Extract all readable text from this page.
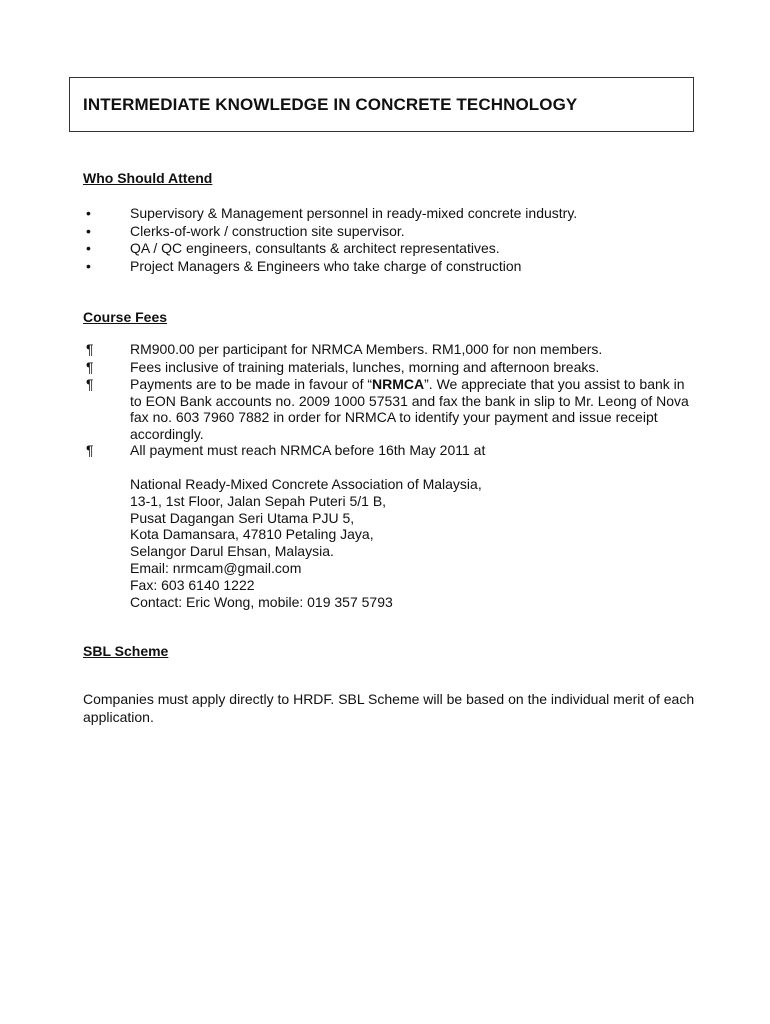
INTERMEDIATE KNOWLEDGE IN CONCRETE TECHNOLOGY
Who Should Attend
•	Supervisory & Management personnel in ready-mixed concrete industry.
•	Clerks-of-work / construction site supervisor.
•	QA / QC engineers, consultants & architect representatives.
•	Project Managers & Engineers who take charge of construction
Course Fees
¶	RM900.00 per participant for NRMCA Members. RM1,000 for non members.
¶	Fees inclusive of training materials, lunches, morning and afternoon breaks.
¶	Payments are to be made in favour of “NRMCA”. We appreciate that you assist to bank in to EON Bank accounts no. 2009 1000 57531 and fax the bank in slip to Mr. Leong of Nova fax no. 603 7960 7882 in order for NRMCA to identify your payment and issue receipt accordingly.
¶	All payment must reach NRMCA before 16th May 2011 at
National Ready-Mixed Concrete Association of Malaysia,
13-1, 1st Floor, Jalan Sepah Puteri 5/1 B,
Pusat Dagangan Seri Utama PJU 5,
Kota Damansara, 47810 Petaling Jaya,
Selangor Darul Ehsan, Malaysia.
Email: nrmcam@gmail.com
Fax: 603 6140 1222
Contact: Eric Wong, mobile: 019 357 5793
SBL Scheme

Companies must apply directly to HRDF. SBL Scheme will be based on the individual merit of each application.
